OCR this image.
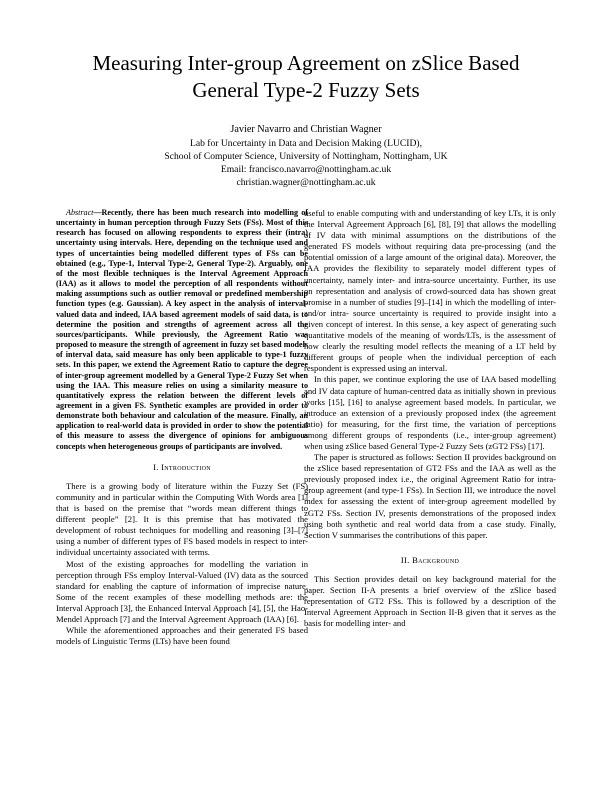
Measuring Inter-group Agreement on zSlice Based
General Type-2 Fuzzy Sets
Javier Navarro and Christian Wagner
Lab for Uncertainty in Data and Decision Making (LUCID),
School of Computer Science, University of Nottingham, Nottingham, UK
Email: francisco.navarro@nottingham.ac.uk
christian.wagner@nottingham.ac.uk
Abstract—Recently, there has been much research into modelling of uncertainty in human perception through Fuzzy Sets (FSs). Most of this research has focused on allowing respondents to express their (intra) uncertainty using intervals. Here, depending on the technique used and types of uncertainties being modelled different types of FSs can be obtained (e.g., Type-1, Interval Type-2, General Type-2). Arguably, one of the most flexible techniques is the Interval Agreement Approach (IAA) as it allows to model the perception of all respondents without making assumptions such as outlier removal or predefined membership function types (e.g. Gaussian). A key aspect in the analysis of interval-valued data and indeed, IAA based agreement models of said data, is to determine the position and strengths of agreement across all the sources/participants. While previously, the Agreement Ratio was proposed to measure the strength of agreement in fuzzy set based models of interval data, said measure has only been applicable to type-1 fuzzy sets. In this paper, we extend the Agreement Ratio to capture the degree of inter-group agreement modelled by a General Type-2 Fuzzy Set when using the IAA. This measure relies on using a similarity measure to quantitatively express the relation between the different levels of agreement in a given FS. Synthetic examples are provided in order to demonstrate both behaviour and calculation of the measure. Finally, an application to real-world data is provided in order to show the potential of this measure to assess the divergence of opinions for ambiguous concepts when heterogeneous groups of participants are involved.
I. Introduction

There is a growing body of literature within the Fuzzy Set (FS) community and in particular within the Computing With Words area [1] that is based on the premise that “words mean different things to different people” [2]. It is this premise that has motivated the development of robust techniques for modelling and reasoning [3]–[7] using a number of different types of FS based models in respect to inter-individual uncertainty associated with terms.

Most of the existing approaches for modelling the variation in perception through FSs employ Interval-Valued (IV) data as the sourced standard for enabling the capture of information of imprecise nature. Some of the recent examples of these modelling methods are: the Interval Approach [3], the Enhanced Interval Approach [4], [5], the Hao-Mendel Approach [7] and the Interval Agreement Approach (IAA) [6].

While the aforementioned approaches and their generated FS based models of Linguistic Terms (LTs) have been found

useful to enable computing with and understanding of key LTs, it is only the Interval Agreement Approach [6], [8], [9] that allows the modelling of IV data with minimal assumptions on the distributions of the generated FS models without requiring data pre-processing (and the potential omission of a large amount of the original data). Moreover, the IAA provides the flexibility to separately model different types of uncertainty, namely inter- and intra-source uncertainty. Further, its use on representation and analysis of crowd-sourced data has shown great promise in a number of studies [9]–[14] in which the modelling of inter- and/or intra- source uncertainty is required to provide insight into a given concept of interest. In this sense, a key aspect of generating such quantitative models of the meaning of words/LTs, is the assessment of how clearly the resulting model reflects the meaning of a LT held by different groups of people when the individual perception of each respondent is expressed using an interval.

In this paper, we continue exploring the use of IAA based modelling and IV data capture of human-centred data as initially shown in previous works [15], [16] to analyse agreement based models. In particular, we introduce an extension of a previously proposed index (the agreement ratio) for measuring, for the first time, the variation of perceptions among different groups of respondents (i.e., inter-group agreement) when using zSlice based General Type-2 Fuzzy Sets (zGT2 FSs) [17].

The paper is structured as follows: Section II provides background on the zSlice based representation of GT2 FSs and the IAA as well as the previously proposed index i.e., the original Agreement Ratio for intra-group agreement (and type-1 FSs). In Section III, we introduce the novel index for assessing the extent of inter-group agreement modelled by zGT2 FSs. Section IV, presents demonstrations of the proposed index using both synthetic and real world data from a case study. Finally, Section V summarises the contributions of this paper.

II. Background

This Section provides detail on key background material for the paper. Section II-A presents a brief overview of the zSlice based representation of GT2 FSs. This is followed by a description of the Interval Agreement Approach in Section II-B given that it serves as the basis for modelling inter- and
